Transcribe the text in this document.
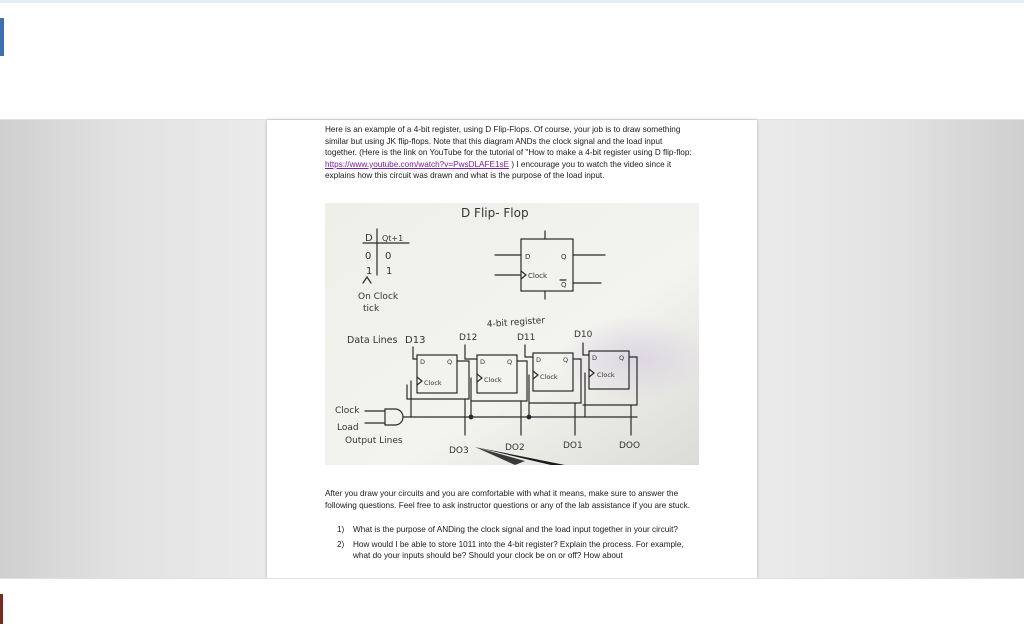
Here is an example of a 4-bit register, using D Flip-Flops. Of course, your job is to draw something similar but using JK flip-flops. Note that this diagram ANDs the clock signal and the load input together. (Here is the link on YouTube for the tutorial of "How to make a 4-bit register using D flip-flop: https://www.youtube.com/watch?v=PwsDLAFE1sE ) I encourage you to watch the video since it explains how this circuit was drawn and what is the purpose of the load input.

D Flip- Flop
D Qt+1
0 0
1 1
On Clock
tick
D	Q
Clock
Q
4-bit register
Data Lines D13	D12	D11	D10
D	Q
Clock
D	Q
Clock
D	Q
Clock
D	Q
Clock
Clock
Load
Output Lines
DO3	DO2	DO1	DOO

After you draw your circuits and you are comfortable with what it means, make sure to answer the following questions. Feel free to ask instructor questions or any of the lab assistance if you are stuck.

1) What is the purpose of ANDing the clock signal and the load input together in your circuit?
2) How would I be able to store 1011 into the 4-bit register? Explain the process. For example, what do your inputs should be? Should your clock be on or off? How about
